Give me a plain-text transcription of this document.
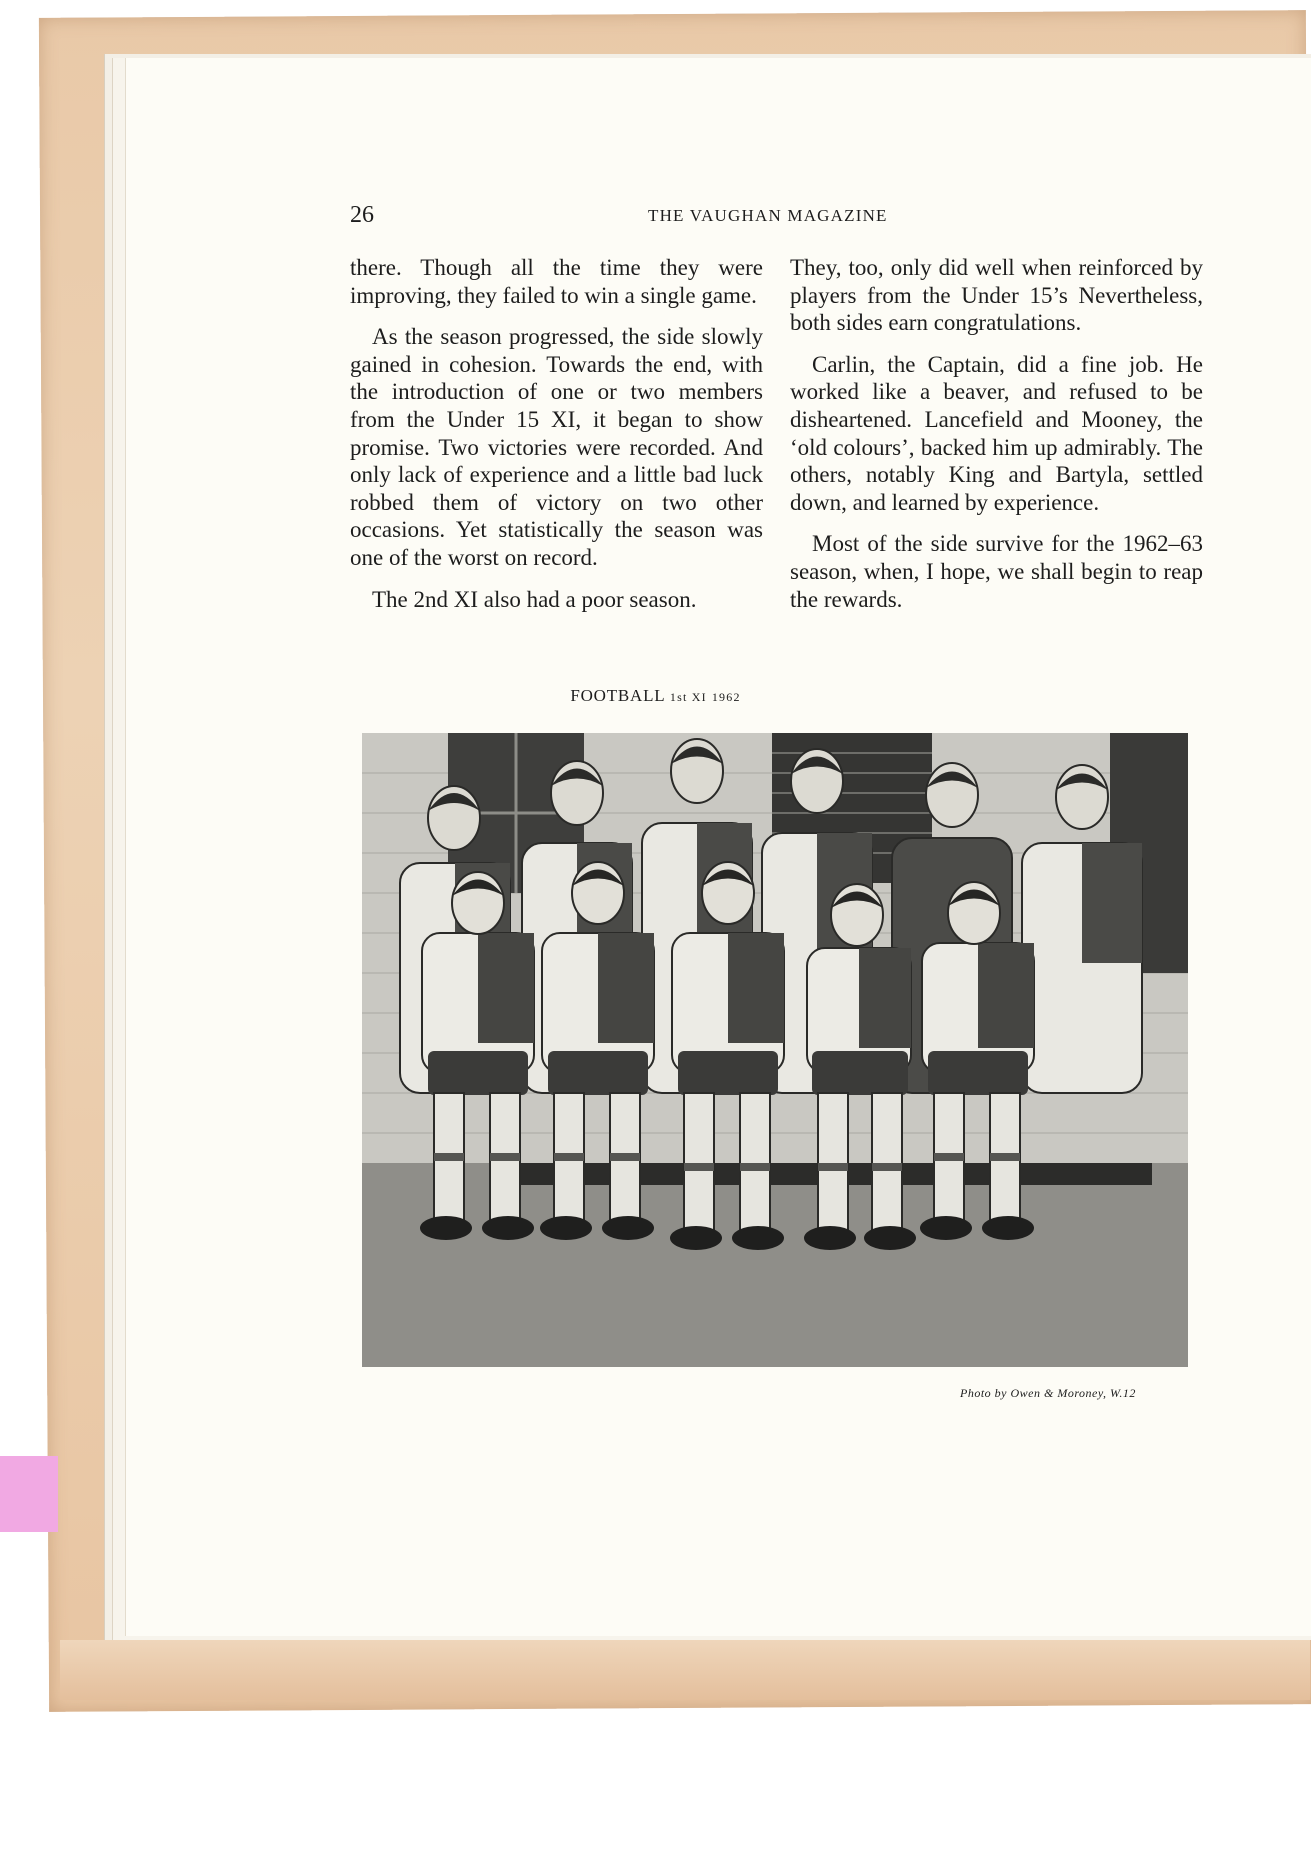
26	THE VAUGHAN MAGAZINE

there. Though all the time they were improving, they failed to win a single game.

As the season progressed, the side slowly gained in cohesion. Towards the end, with the introduction of one or two members from the Under 15 XI, it began to show promise. Two victories were recorded. And only lack of experience and a little bad luck robbed them of victory on two other occasions. Yet statistically the season was one of the worst on record.

The 2nd XI also had a poor season.

They, too, only did well when reinforced by players from the Under 15’s Nevertheless, both sides earn congratulations.

Carlin, the Captain, did a fine job. He worked like a beaver, and refused to be disheartened. Lancefield and Mooney, the ‘old colours’, backed him up admirably. The others, notably King and Bartyla, settled down, and learned by experience.

Most of the side survive for the 1962–63 season, when, I hope, we shall begin to reap the rewards.

FOOTBALL 1st XI 1962
Photo by Owen & Moroney, W.12
